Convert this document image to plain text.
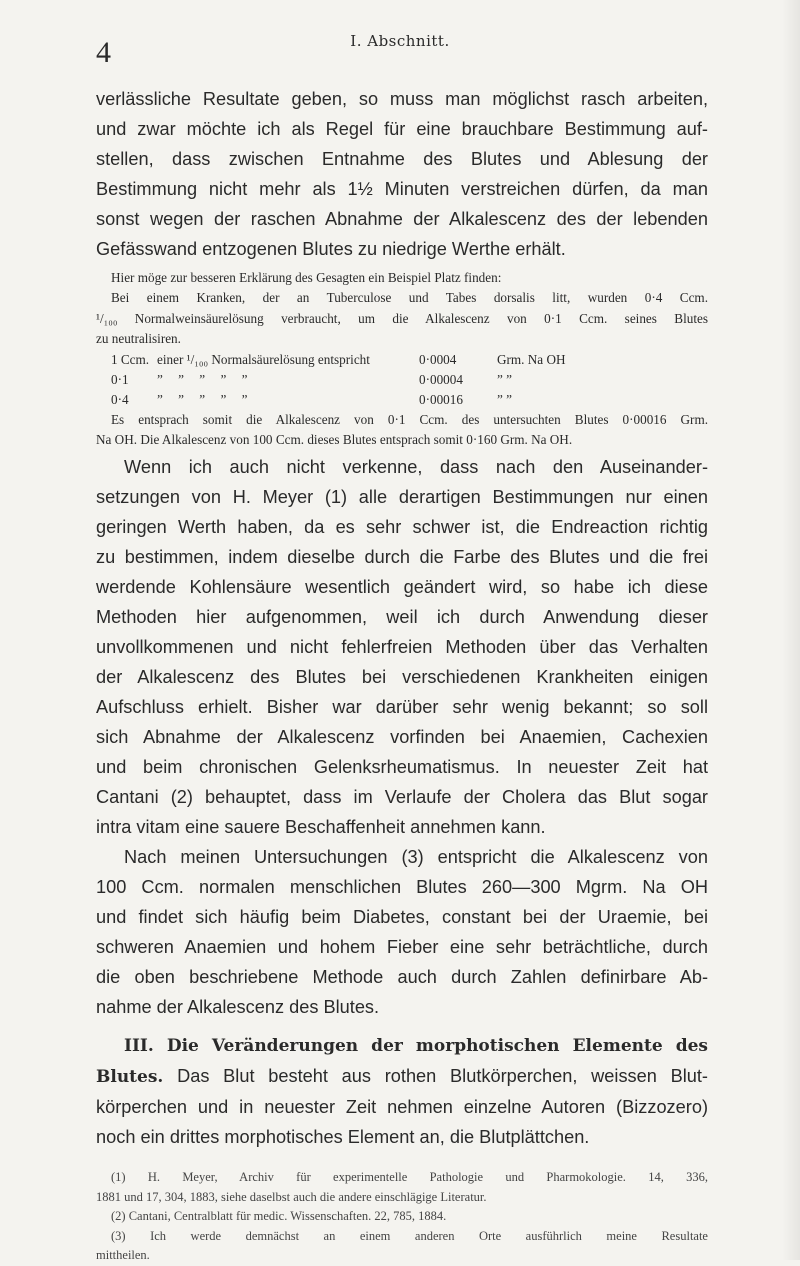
4	I. Abschnitt.

verlässliche Resultate geben, so muss man möglichst rasch arbeiten,
und zwar möchte ich als Regel für eine brauchbare Bestimmung auf-
stellen, dass zwischen Entnahme des Blutes und Ablesung der
Bestimmung nicht mehr als 1½ Minuten verstreichen dürfen, da man
sonst wegen der raschen Abnahme der Alkalescenz des der lebenden
Gefässwand entzogenen Blutes zu niedrige Werthe erhält.

Hier möge zur besseren Erklärung des Gesagten ein Beispiel Platz finden:
Bei einem Kranken, der an Tuberculose und Tabes dorsalis litt, wurden 0·4 Ccm.
¹/₁₀₀ Normalweinsäurelösung verbraucht, um die Alkalescenz von 0·1 Ccm. seines Blutes
zu neutralisiren.

1 Ccm. einer ¹/₁₀₀ Normalsäurelösung entspricht	0·0004	Grm. Na OH
0·1	” ” ” ” ”	0·00004	” ”
0·4	” ” ” ” ”	0·00016	” ”

Es entsprach somit die Alkalescenz von 0·1 Ccm. des untersuchten Blutes 0·00016 Grm.
Na OH. Die Alkalescenz von 100 Ccm. dieses Blutes entsprach somit 0·160 Grm. Na OH.

Wenn ich auch nicht verkenne, dass nach den Auseinander-
setzungen von H. Meyer (1) alle derartigen Bestimmungen nur einen
geringen Werth haben, da es sehr schwer ist, die Endreaction richtig
zu bestimmen, indem dieselbe durch die Farbe des Blutes und die frei
werdende Kohlensäure wesentlich geändert wird, so habe ich diese
Methoden hier aufgenommen, weil ich durch Anwendung dieser
unvollkommenen und nicht fehlerfreien Methoden über das Verhalten
der Alkalescenz des Blutes bei verschiedenen Krankheiten einigen
Aufschluss erhielt. Bisher war darüber sehr wenig bekannt; so soll
sich Abnahme der Alkalescenz vorfinden bei Anaemien, Cachexien
und beim chronischen Gelenksrheumatismus. In neuester Zeit hat
Cantani (2) behauptet, dass im Verlaufe der Cholera das Blut sogar
intra vitam eine sauere Beschaffenheit annehmen kann.

Nach meinen Untersuchungen (3) entspricht die Alkalescenz von
100 Ccm. normalen menschlichen Blutes 260—300 Mgrm. Na OH
und findet sich häufig beim Diabetes, constant bei der Uraemie, bei
schweren Anaemien und hohem Fieber eine sehr beträchtliche, durch
die oben beschriebene Methode auch durch Zahlen definirbare Ab-
nahme der Alkalescenz des Blutes.

III. Die Veränderungen der morphotischen Elemente des
Blutes. Das Blut besteht aus rothen Blutkörperchen, weissen Blut-
körperchen und in neuester Zeit nehmen einzelne Autoren (Bizzozero)
noch ein drittes morphotisches Element an, die Blutplättchen.

(1) H. Meyer, Archiv für experimentelle Pathologie und Pharmokologie. 14, 336,
1881 und 17, 304, 1883, siehe daselbst auch die andere einschlägige Literatur.
(2) Cantani, Centralblatt für medic. Wissenschaften. 22, 785, 1884.
(3) Ich werde demnächst an einem anderen Orte ausführlich meine Resultate
mittheilen.
